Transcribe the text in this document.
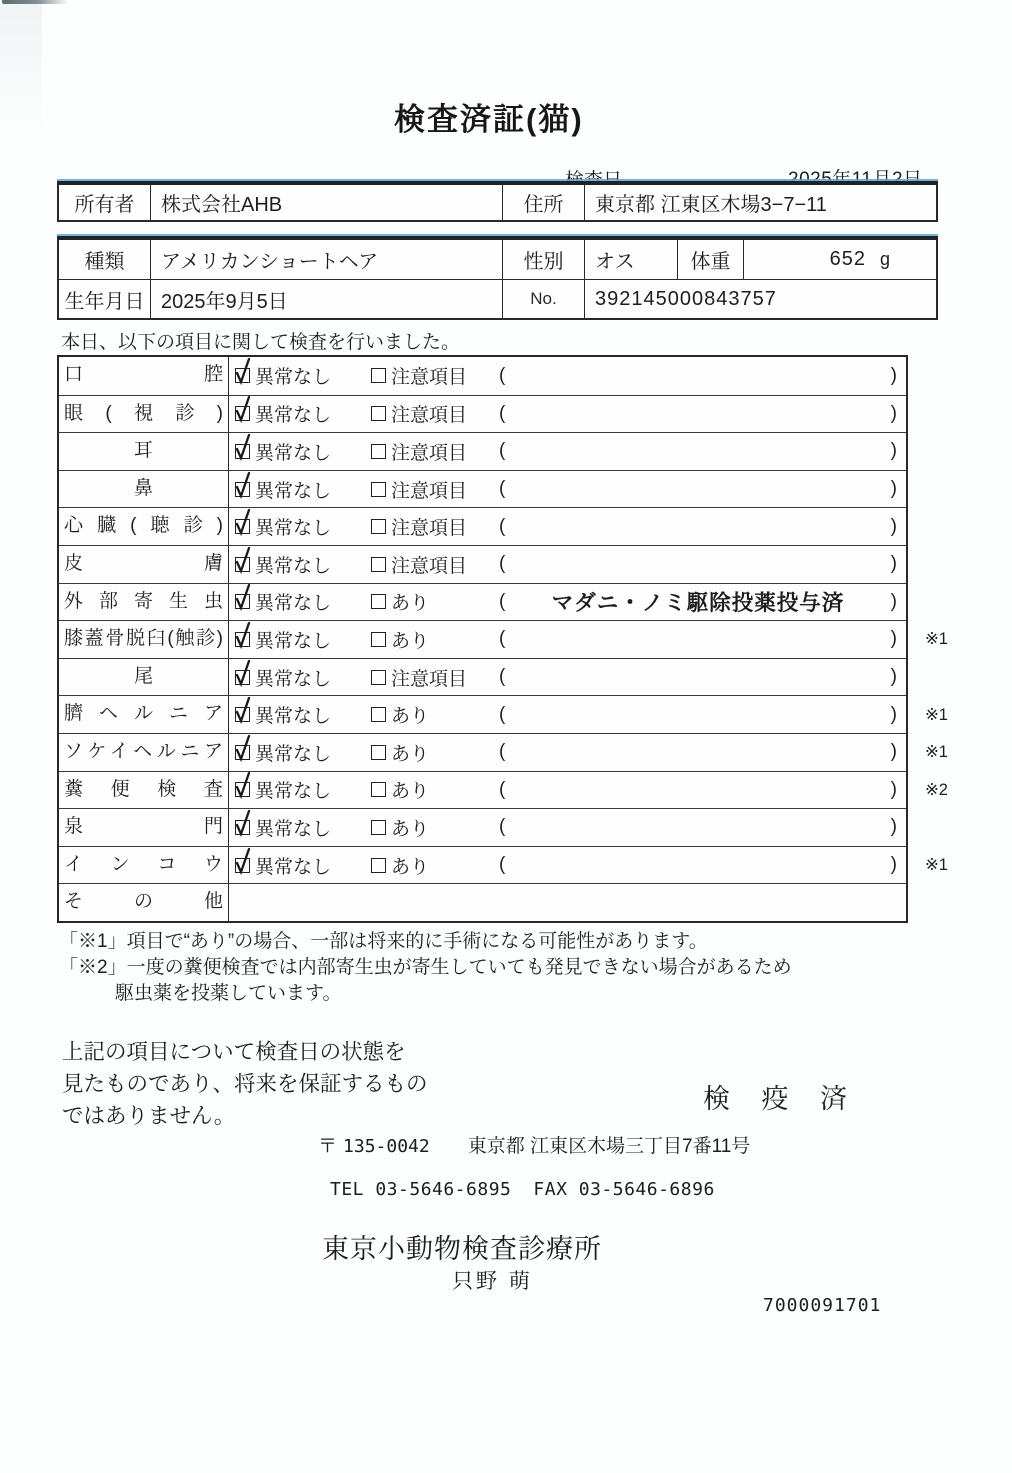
検査済証(猫)
所有者	株式会社AHB	住所	東京都 江東区木場3−7−11
種類	アメリカンショートヘア	性別	オス	体重	652 g
生年月日 2025年9月5日	No.	392145000843757

本日、以下の項目に関して検査を行いました。

口腔	異常なし	注意項目 (	)
眼(視診)	異常なし	注意項目 (	)
耳	異常なし	注意項目 (	)
鼻	異常なし	注意項目 (	)
心臓(聴診)	異常なし	注意項目 (	)
皮膚	異常なし	注意項目 (	)
外部寄生虫	異常なし	あり	(	マダニ・ノミ駆除投薬投与済	)
膝蓋骨脱臼(触診)	異常なし	あり	(	) ※1
尾	異常なし	注意項目 (	)
臍ヘルニア	異常なし	あり	(	) ※1
ソケイヘルニア	異常なし	あり	(	) ※1
糞便検査	異常なし	あり	(	) ※2
泉門	異常なし	あり	(	)
インコウ	異常なし	あり	(	) ※1
その他
「※1」項目で“あり”の場合、一部は将来的に手術になる可能性があります。
「※2」一度の糞便検査では内部寄生虫が寄生していても発見できない場合があるため
駆虫薬を投薬しています。
上記の項目について検査日の状態を
見たものであり、将来を保証するもの
ではありません。
検 疫 済
〒 135-0042 東京都 江東区木場三丁目7番11号
TEL 03-5646-6895 FAX 03-5646-6896
東京小動物検査診療所
只野 萌
7000091701
